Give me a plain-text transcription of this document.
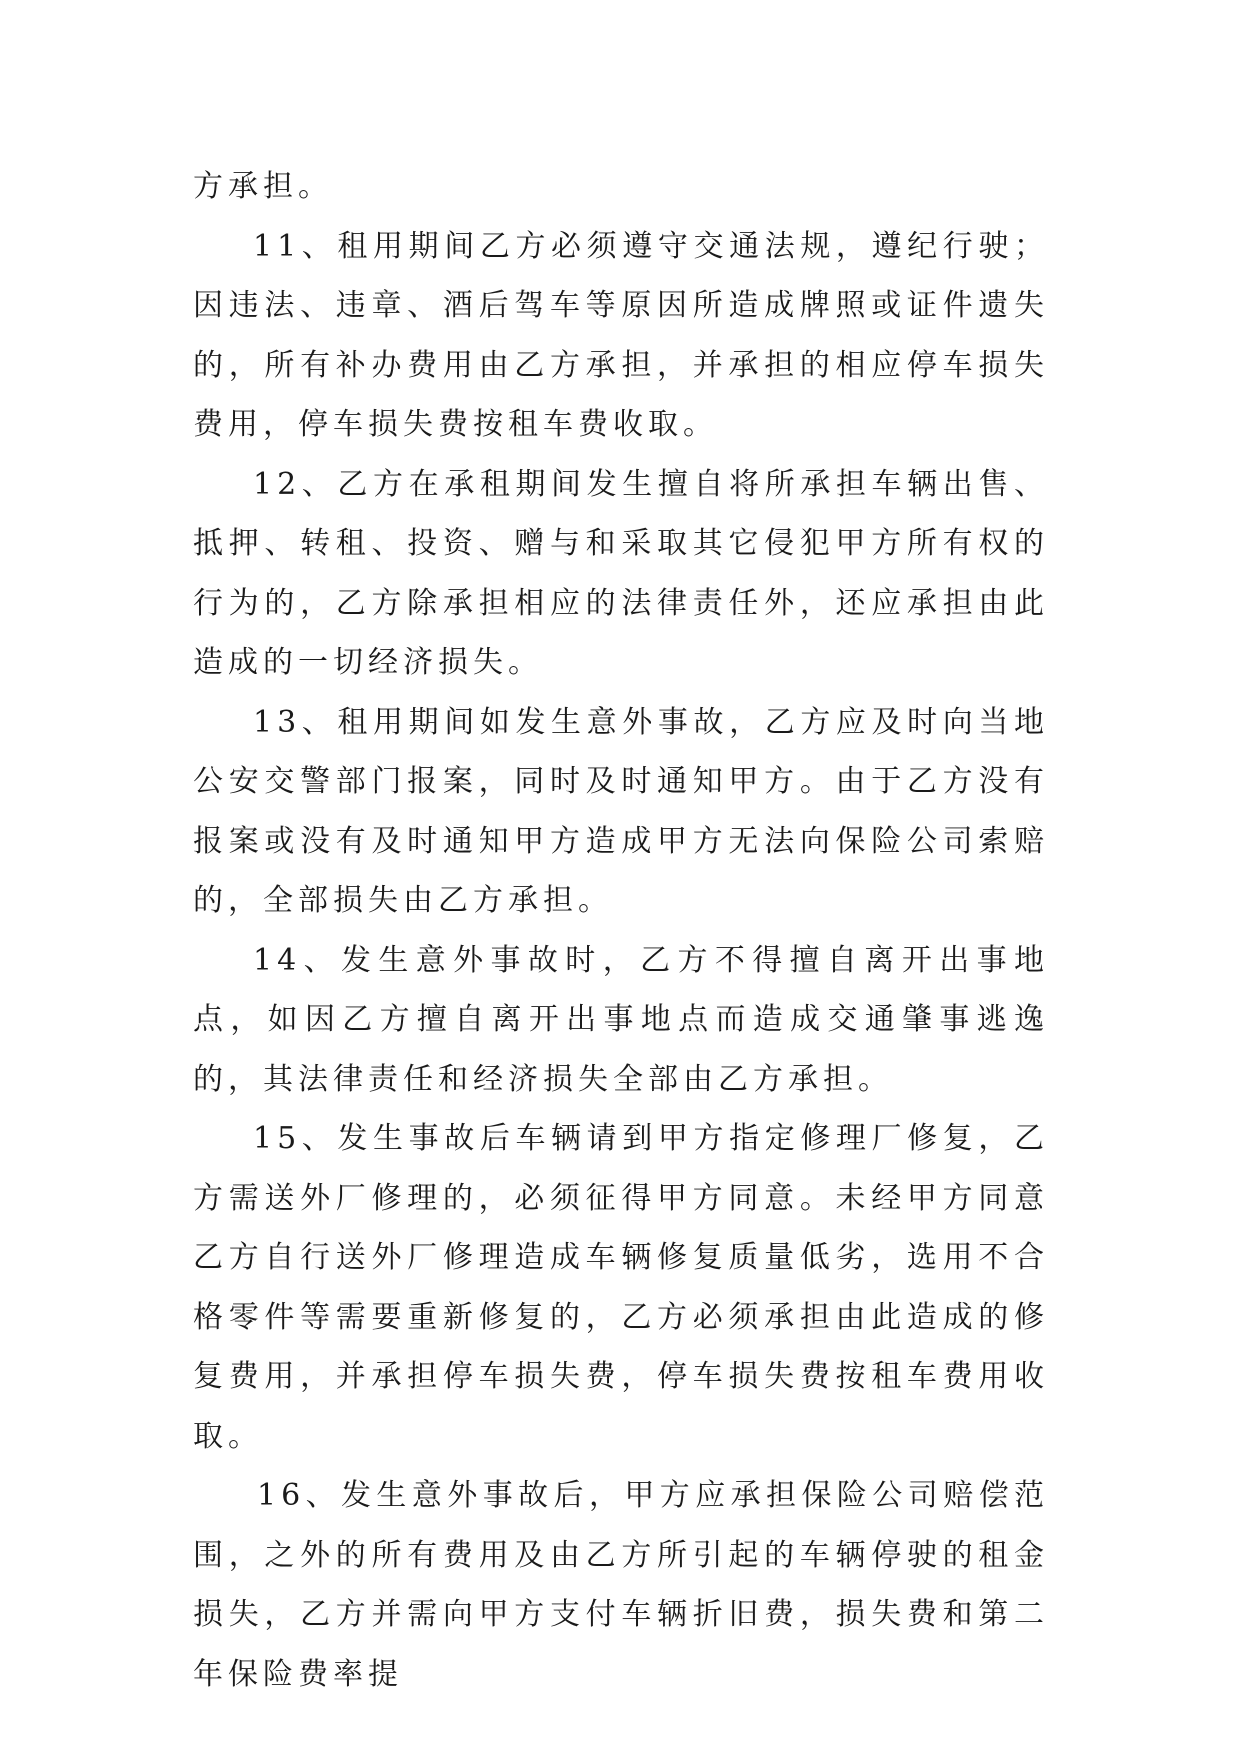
方承担。

11、租用期间乙方必须遵守交通法规，遵纪行驶；因违法、违章、酒后驾车等原因所造成牌照或证件遗失的，所有补办费用由乙方承担，并承担的相应停车损失费用，停车损失费按租车费收取。

12、乙方在承租期间发生擅自将所承担车辆出售、抵押、转租、投资、赠与和采取其它侵犯甲方所有权的行为的，乙方除承担相应的法律责任外，还应承担由此造成的一切经济损失。

13、租用期间如发生意外事故，乙方应及时向当地公安交警部门报案，同时及时通知甲方。由于乙方没有报案或没有及时通知甲方造成甲方无法向保险公司索赔的，全部损失由乙方承担。

14、发生意外事故时，乙方不得擅自离开出事地点，如因乙方擅自离开出事地点而造成交通肇事逃逸的，其法律责任和经济损失全部由乙方承担。

15、发生事故后车辆请到甲方指定修理厂修复，乙方需送外厂修理的，必须征得甲方同意。未经甲方同意乙方自行送外厂修理造成车辆修复质量低劣，选用不合格零件等需要重新修复的，乙方必须承担由此造成的修复费用，并承担停车损失费，停车损失费按租车费用收取。

16、发生意外事故后，甲方应承担保险公司赔偿范围，之外的所有费用及由乙方所引起的车辆停驶的租金损失，乙方并需向甲方支付车辆折旧费，损失费和第二年保险费率提
